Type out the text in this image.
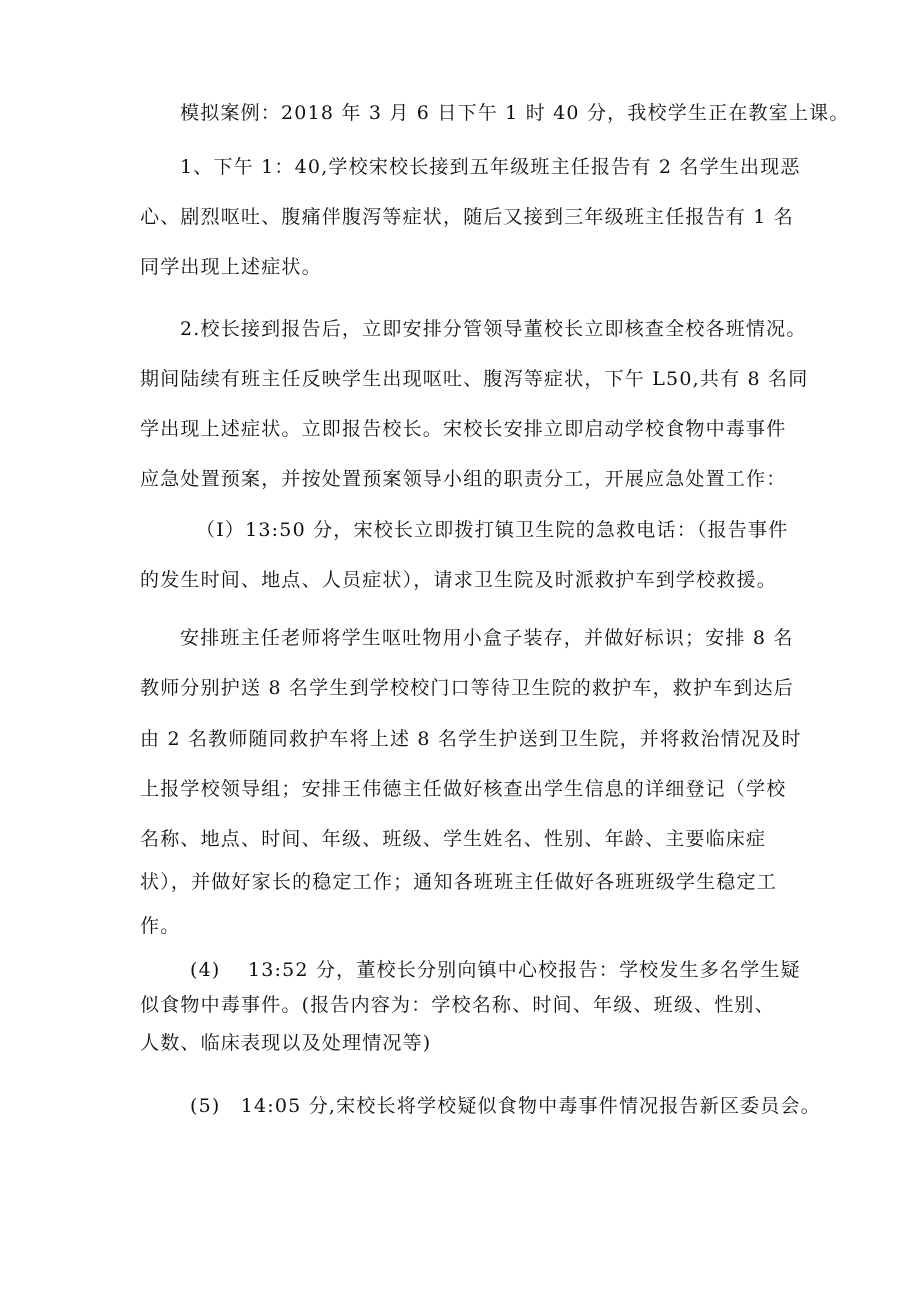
模拟案例：2018 年 3 月 6 日下午 1 时 40 分，我校学生正在教室上课。
1、下午 1：40,学校宋校长接到五年级班主任报告有 2 名学生出现恶
心、剧烈呕吐、腹痛伴腹泻等症状，随后又接到三年级班主任报告有 1 名
同学出现上述症状。
2.校长接到报告后，立即安排分管领导董校长立即核查全校各班情况。
期间陆续有班主任反映学生出现呕吐、腹泻等症状，下午 L50,共有 8 名同
学出现上述症状。立即报告校长。宋校长安排立即启动学校食物中毒事件
应急处置预案，并按处置预案领导小组的职责分工，开展应急处置工作：
（I）13:50 分，宋校长立即拨打镇卫生院的急救电话：（报告事件
的发生时间、地点、人员症状），请求卫生院及时派救护车到学校救援。
安排班主任老师将学生呕吐物用小盒子装存，并做好标识；安排 8 名
教师分别护送 8 名学生到学校校门口等待卫生院的救护车，救护车到达后
由 2 名教师随同救护车将上述 8 名学生护送到卫生院，并将救治情况及时
上报学校领导组；安排王伟德主任做好核查出学生信息的详细登记（学校
名称、地点、时间、年级、班级、学生姓名、性别、年龄、主要临床症
状），并做好家长的稳定工作；通知各班班主任做好各班班级学生稳定工
作。
(4)　 13:52 分，董校长分别向镇中心校报告：学校发生多名学生疑
似食物中毒事件。(报告内容为：学校名称、时间、年级、班级、性别、
人数、临床表现以及处理情况等)
(5)　14:05 分,宋校长将学校疑似食物中毒事件情况报告新区委员会。
